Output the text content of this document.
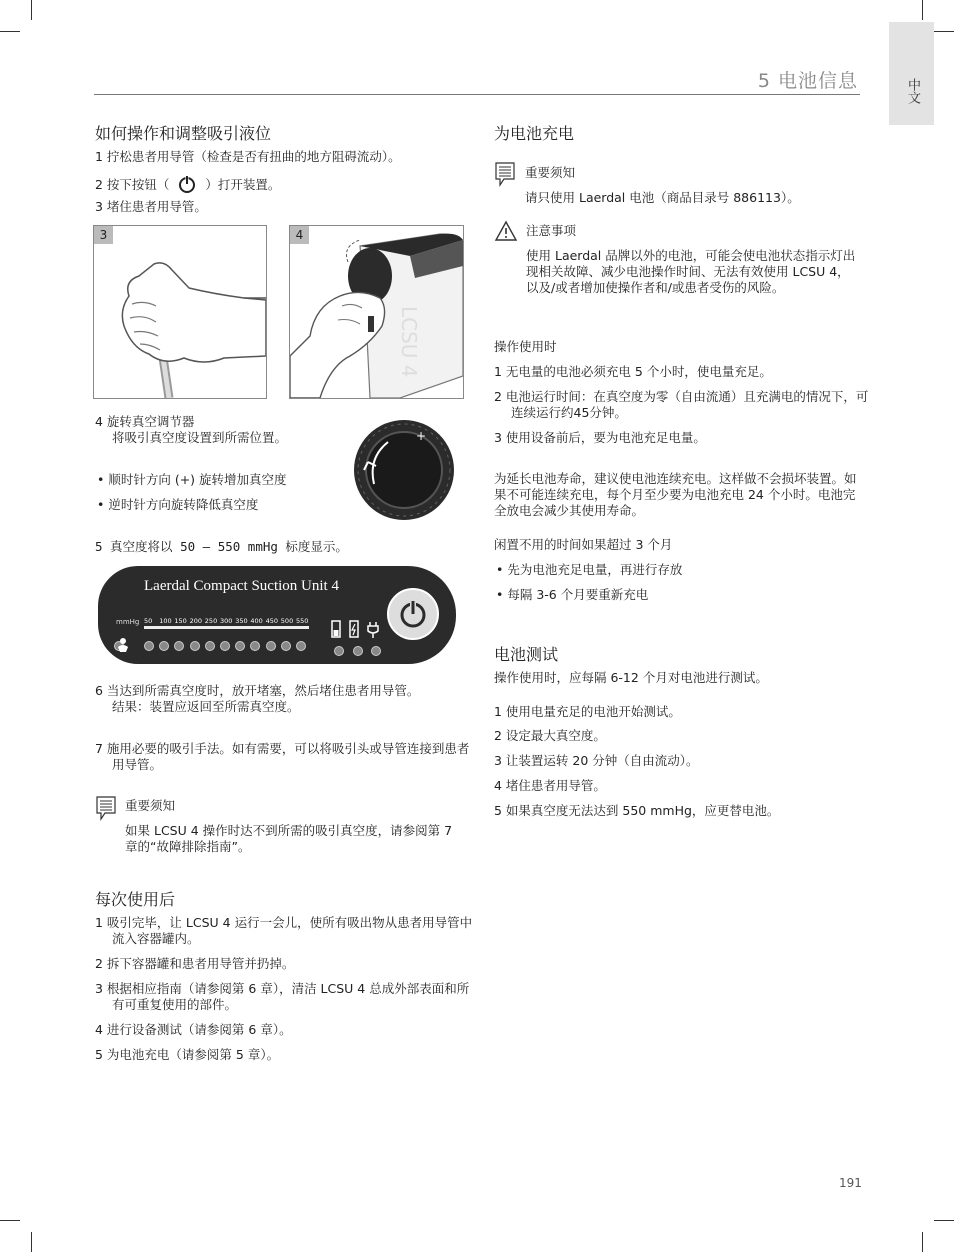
中文
5 电池信息
如何操作和调整吸引液位
1 拧松患者用导管（检查是否有扭曲的地方阻碍流动）。
2 按下按钮（	）打开装置。
3 堵住患者用导管。
3	4
LCSU 4
4 旋转真空调节器
将吸引真空度设置到所需位置。
• 顺时针方向 (+) 旋转增加真空度
• 逆时针方向旋转降低真空度
+
5 真空度将以 50 – 550 mmHg 标度显示。
Laerdal Compact Suction Unit 4
mmHg 50 100 150 200 250 300 350 400 450 500 550
6 当达到所需真空度时，放开堵塞，然后堵住患者用导管。
结果：装置应返回至所需真空度。
7 施用必要的吸引手法。如有需要，可以将吸引头或导管连接到患者用导管。
重要须知
如果 LCSU 4 操作时达不到所需的吸引真空度，请参阅第 7 章的“故障排除指南”。
每次使用后
1 吸引完毕，让 LCSU 4 运行一会儿，使所有吸出物从患者用导管中流入容器罐内。
2 拆下容器罐和患者用导管并扔掉。
3 根据相应指南（请参阅第 6 章），清洁 LCSU 4 总成外部表面和所有可重复使用的部件。
4 进行设备测试（请参阅第 6 章）。
5 为电池充电（请参阅第 5 章）。
为电池充电
重要须知
请只使用 Laerdal 电池（商品目录号 886113）。
注意事项
使用 Laerdal 品牌以外的电池，可能会使电池状态指示灯出现相关故障、减少电池操作时间、无法有效使用 LCSU 4，以及/或者增加使操作者和/或患者受伤的风险。
操作使用时
1 无电量的电池必须充电 5 个小时，使电量充足。
2 电池运行时间：在真空度为零（自由流通）且充满电的情况下，可连续运行约45分钟。
3 使用设备前后，要为电池充足电量。
为延长电池寿命，建议使电池连续充电。这样做不会损坏装置。如果不可能连续充电，每个月至少要为电池充电 24 个小时。电池完全放电会减少其使用寿命。
闲置不用的时间如果超过 3 个月
• 先为电池充足电量，再进行存放
• 每隔 3-6 个月要重新充电
电池测试
操作使用时，应每隔 6-12 个月对电池进行测试。
1 使用电量充足的电池开始测试。
2 设定最大真空度。
3 让装置运转 20 分钟（自由流动）。
4 堵住患者用导管。
5 如果真空度无法达到 550 mmHg，应更替电池。
191
